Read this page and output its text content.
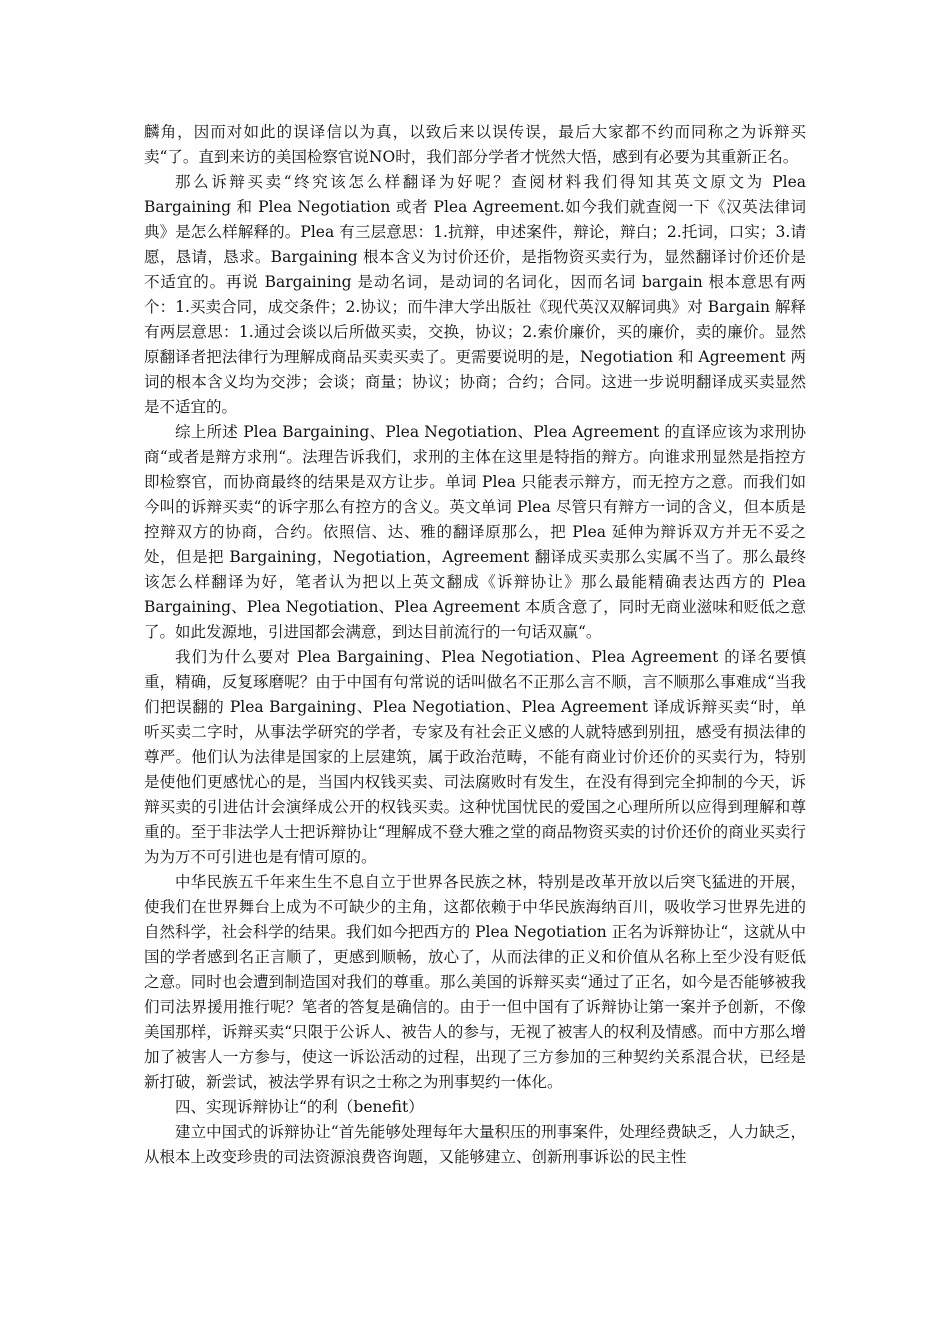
麟角，因而对如此的误译信以为真，以致后来以误传误，最后大家都不约而同称之为诉辩买卖“了。直到来访的美国检察官说NO时，我们部分学者才恍然大悟，感到有必要为其重新正名。

那么诉辩买卖“终究该怎么样翻译为好呢？查阅材料我们得知其英文原文为 Plea Bargaining 和 Plea Negotiation 或者 Plea Agreement.如今我们就查阅一下《汉英法律词典》是怎么样解释的。Plea 有三层意思：1.抗辩，申述案件，辩论，辩白；2.托词，口实；3.请愿，恳请，恳求。Bargaining 根本含义为讨价还价，是指物资买卖行为，显然翻译讨价还价是不适宜的。再说 Bargaining 是动名词，是动词的名词化，因而名词 bargain 根本意思有两个：1.买卖合同，成交条件；2.协议；而牛津大学出版社《现代英汉双解词典》对 Bargain 解释有两层意思：1.通过会谈以后所做买卖，交换，协议；2.索价廉价，买的廉价，卖的廉价。显然原翻译者把法律行为理解成商品买卖买卖了。更需要说明的是，Negotiation 和 Agreement 两词的根本含义均为交涉；会谈；商量；协议；协商；合约；合同。这进一步说明翻译成买卖显然是不适宜的。

综上所述 Plea Bargaining、Plea Negotiation、Plea Agreement 的直译应该为求刑协商“或者是辩方求刑“。法理告诉我们，求刑的主体在这里是特指的辩方。向谁求刑显然是指控方即检察官，而协商最终的结果是双方让步。单词 Plea 只能表示辩方，而无控方之意。而我们如今叫的诉辩买卖“的诉字那么有控方的含义。英文单词 Plea 尽管只有辩方一词的含义，但本质是控辩双方的协商，合约。依照信、达、雅的翻译原那么，把 Plea 延伸为辩诉双方并无不妥之处，但是把 Bargaining，Negotiation，Agreement 翻译成买卖那么实属不当了。那么最终该怎么样翻译为好，笔者认为把以上英文翻成《诉辩协让》那么最能精确表达西方的 Plea Bargaining、Plea Negotiation、Plea Agreement 本质含意了，同时无商业滋味和贬低之意了。如此发源地，引进国都会满意，到达目前流行的一句话双赢“。

我们为什么要对 Plea Bargaining、Plea Negotiation、Plea Agreement 的译名要慎重，精确，反复琢磨呢？由于中国有句常说的话叫做名不正那么言不顺，言不顺那么事难成“当我们把误翻的 Plea Bargaining、Plea Negotiation、Plea Agreement 译成诉辩买卖“时，单听买卖二字时，从事法学研究的学者，专家及有社会正义感的人就特感到别扭，感受有损法律的尊严。他们认为法律是国家的上层建筑，属于政治范畴，不能有商业讨价还价的买卖行为，特别是使他们更感忧心的是，当国内权钱买卖、司法腐败时有发生，在没有得到完全抑制的今天，诉辩买卖的引进估计会演绎成公开的权钱买卖。这种忧国忧民的爱国之心理所所以应得到理解和尊重的。至于非法学人士把诉辩协让“理解成不登大雅之堂的商品物资买卖的讨价还价的商业买卖行为为万不可引进也是有情可原的。

中华民族五千年来生生不息自立于世界各民族之林，特别是改革开放以后突飞猛进的开展，使我们在世界舞台上成为不可缺少的主角，这都依赖于中华民族海纳百川，吸收学习世界先进的自然科学，社会科学的结果。我们如今把西方的 Plea Negotiation 正名为诉辩协让“，这就从中国的学者感到名正言顺了，更感到顺畅，放心了，从而法律的正义和价值从名称上至少没有贬低之意。同时也会遭到制造国对我们的尊重。那么美国的诉辩买卖“通过了正名，如今是否能够被我们司法界援用推行呢？笔者的答复是确信的。由于一但中国有了诉辩协让第一案并予创新，不像美国那样，诉辩买卖“只限于公诉人、被告人的参与，无视了被害人的权利及情感。而中方那么增加了被害人一方参与，使这一诉讼活动的过程，出现了三方参加的三种契约关系混合状，已经是新打破，新尝试，被法学界有识之士称之为刑事契约一体化。

四、实现诉辩协让“的利（benefit）

建立中国式的诉辩协让“首先能够处理每年大量积压的刑事案件，处理经费缺乏，人力缺乏，从根本上改变珍贵的司法资源浪费咨询题，又能够建立、创新刑事诉讼的民主性
